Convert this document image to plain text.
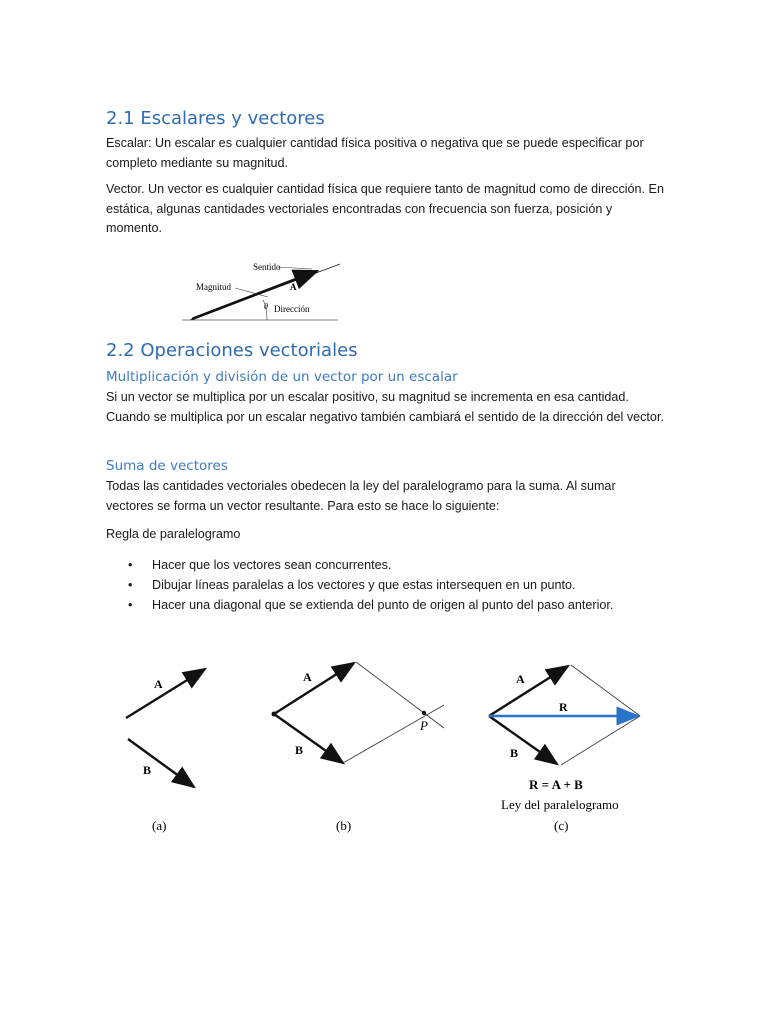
2.1 Escalares y vectores

Escalar: Un escalar es cualquier cantidad física positiva o negativa que se puede especificar por completo mediante su magnitud.

Vector. Un vector es cualquier cantidad física que requiere tanto de magnitud como de dirección. En estática, algunas cantidades vectoriales encontradas con frecuencia son fuerza, posición y momento.

2.2 Operaciones vectoriales
Multiplicación y división de un vector por un escalar

Si un vector se multiplica por un escalar positivo, su magnitud se incrementa en esa cantidad. Cuando se multiplica por un escalar negativo también cambiará el sentido de la dirección del vector.

Suma de vectores

Todas las cantidades vectoriales obedecen la ley del paralelogramo para la suma. Al sumar vectores se forma un vector resultante. Para esto se hace lo siguiente:

Regla de paralelogramo

• Hacer que los vectores sean concurrentes.
• Dibujar líneas paralelas a los vectores y que estas intersequen en un punto.
• Hacer una diagonal que se extienda del punto de origen al punto del paso anterior.
Sentido
Magnitud	A
θ Dirección
A
B
(a)
A
B
P
(b)
A
B
R
R = A + B
Ley del paralelogramo
(c)
